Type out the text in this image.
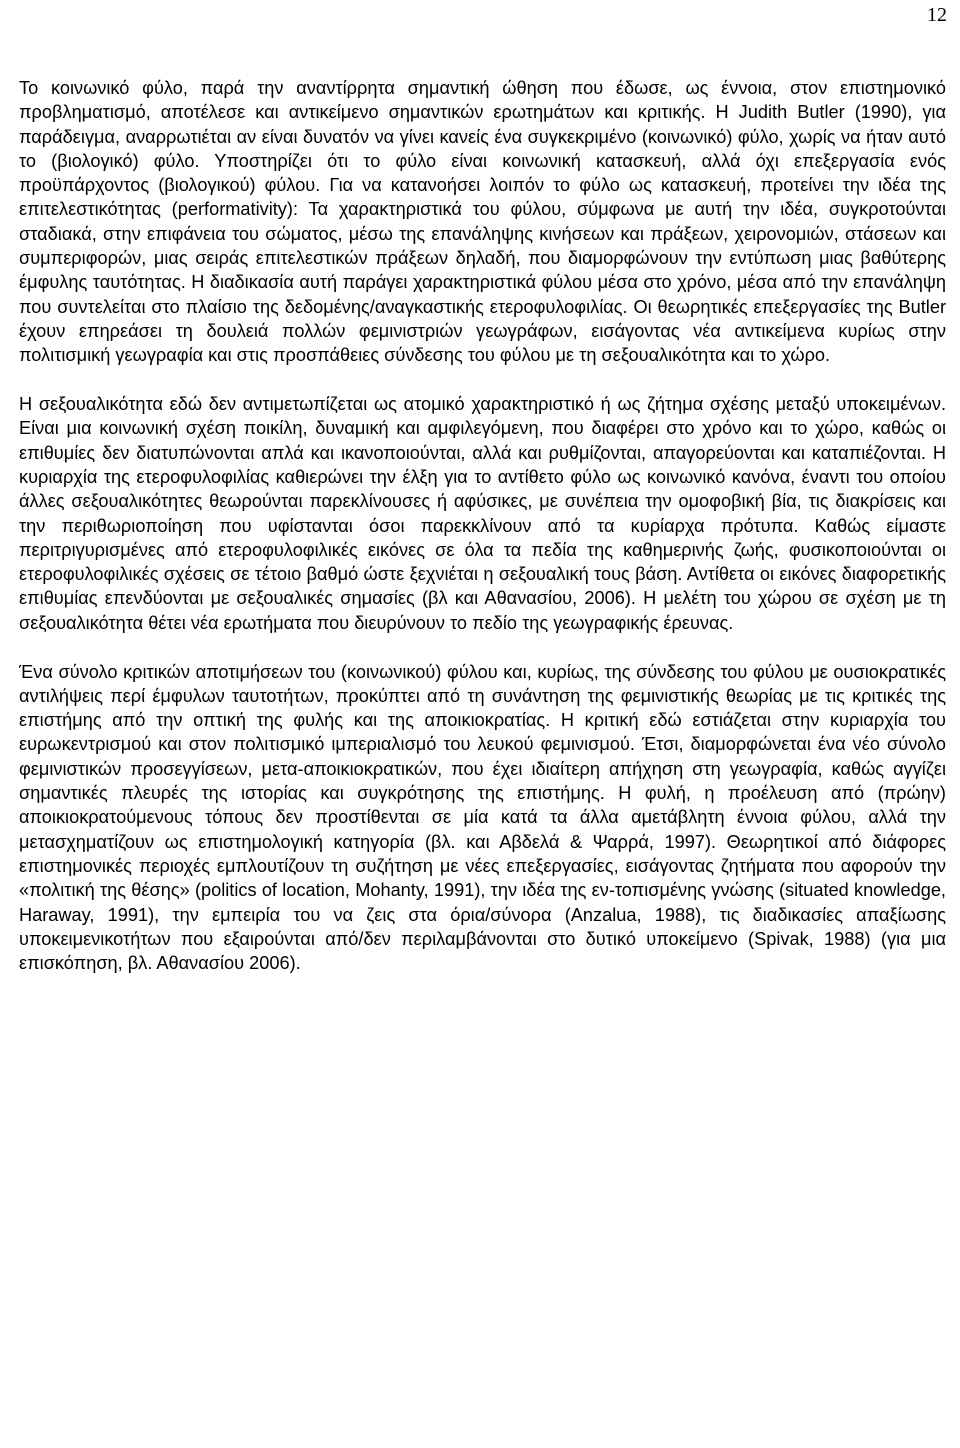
12

Το κοινωνικό φύλο, παρά την αναντίρρητα σημαντική ώθηση που έδωσε, ως έννοια, στον επιστημονικό προβληματισμό, αποτέλεσε και αντικείμενο σημαντικών ερωτημάτων και κριτικής. Η Judith Butler (1990), για παράδειγμα, αναρρωτιέται αν είναι δυνατόν να γίνει κανείς ένα συγκεκριμένο (κοινωνικό) φύλο, χωρίς να ήταν αυτό το (βιολογικό) φύλο. Υποστηρίζει ότι το φύλο είναι κοινωνική κατασκευή, αλλά όχι επεξεργασία ενός προϋπάρχοντος (βιολογικού) φύλου. Για να κατανοήσει λοιπόν το φύλο ως κατασκευή, προτείνει την ιδέα της επιτελεστικότητας (performativity): Τα χαρακτηριστικά του φύλου, σύμφωνα με αυτή την ιδέα, συγκροτούνται σταδιακά, στην επιφάνεια του σώματος, μέσω της επανάληψης κινήσεων και πράξεων, χειρονομιών, στάσεων και συμπεριφορών, μιας σειράς επιτελεστικών πράξεων δηλαδή, που διαμορφώνουν την εντύπωση μιας βαθύτερης έμφυλης ταυτότητας. Η διαδικασία αυτή παράγει χαρακτηριστικά φύλου μέσα στο χρόνο, μέσα από την επανάληψη που συντελείται στο πλαίσιο της δεδομένης/αναγκαστικής ετεροφυλοφιλίας. Οι θεωρητικές επεξεργασίες της Butler έχουν επηρεάσει τη δουλειά πολλών φεμινιστριών γεωγράφων, εισάγοντας νέα αντικείμενα κυρίως στην πολιτισμική γεωγραφία και στις προσπάθειες σύνδεσης του φύλου με τη σεξουαλικότητα και το χώρο.

Η σεξουαλικότητα εδώ δεν αντιμετωπίζεται ως ατομικό χαρακτηριστικό ή ως ζήτημα σχέσης μεταξύ υποκειμένων. Είναι μια κοινωνική σχέση ποικίλη, δυναμική και αμφιλεγόμενη, που διαφέρει στο χρόνο και το χώρο, καθώς οι επιθυμίες δεν διατυπώνονται απλά και ικανοποιούνται, αλλά και ρυθμίζονται, απαγορεύονται και καταπιέζονται. Η κυριαρχία της ετεροφυλοφιλίας καθιερώνει την έλξη για το αντίθετο φύλο ως κοινωνικό κανόνα, έναντι του οποίου άλλες σεξουαλικότητες θεωρούνται παρεκλίνουσες ή αφύσικες, με συνέπεια την ομοφοβική βία, τις διακρίσεις και την περιθωριοποίηση που υφίστανται όσοι παρεκκλίνουν από τα κυρίαρχα πρότυπα. Καθώς είμαστε περιτριγυρισμένες από ετεροφυλοφιλικές εικόνες σε όλα τα πεδία της καθημερινής ζωής, φυσικοποιούνται οι ετεροφυλοφιλικές σχέσεις σε τέτοιο βαθμό ώστε ξεχνιέται η σεξουαλική τους βάση. Αντίθετα οι εικόνες διαφορετικής επιθυμίας επενδύονται με σεξουαλικές σημασίες (βλ και Αθανασίου, 2006). Η μελέτη του χώρου σε σχέση με τη σεξουαλικότητα θέτει νέα ερωτήματα που διευρύνουν το πεδίο της γεωγραφικής έρευνας.

Ένα σύνολο κριτικών αποτιμήσεων του (κοινωνικού) φύλου και, κυρίως, της σύνδεσης του φύλου με ουσιοκρατικές αντιλήψεις περί έμφυλων ταυτοτήτων, προκύπτει από τη συνάντηση της φεμινιστικής θεωρίας με τις κριτικές της επιστήμης από την οπτική της φυλής και της αποικιοκρατίας. Η κριτική εδώ εστιάζεται στην κυριαρχία του ευρωκεντρισμού και στον πολιτισμικό ιμπεριαλισμό του λευκού φεμινισμού. Έτσι, διαμορφώνεται ένα νέο σύνολο φεμινιστικών προσεγγίσεων, μετα-αποικιοκρατικών, που έχει ιδιαίτερη απήχηση στη γεωγραφία, καθώς αγγίζει σημαντικές πλευρές της ιστορίας και συγκρότησης της επιστήμης. Η φυλή, η προέλευση από (πρώην) αποικιοκρατούμενους τόπους δεν προστίθενται σε μία κατά τα άλλα αμετάβλητη έννοια φύλου, αλλά την μετασχηματίζουν ως επιστημολογική κατηγορία (βλ. και Αβδελά & Ψαρρά, 1997). Θεωρητικοί από διάφορες επιστημονικές περιοχές εμπλουτίζουν τη συζήτηση με νέες επεξεργασίες, εισάγοντας ζητήματα που αφορούν την «πολιτική της θέσης» (politics of location, Mohanty, 1991), την ιδέα της εν-τοπισμένης γνώσης (situated knowledge, Haraway, 1991), την εμπειρία του να ζεις στα όρια/σύνορα (Anzalua, 1988), τις διαδικασίες απαξίωσης υποκειμενικοτήτων που εξαιρούνται από/δεν περιλαμβάνονται στο δυτικό υποκείμενο (Spivak, 1988) (για μια επισκόπηση, βλ. Αθανασίου 2006).
